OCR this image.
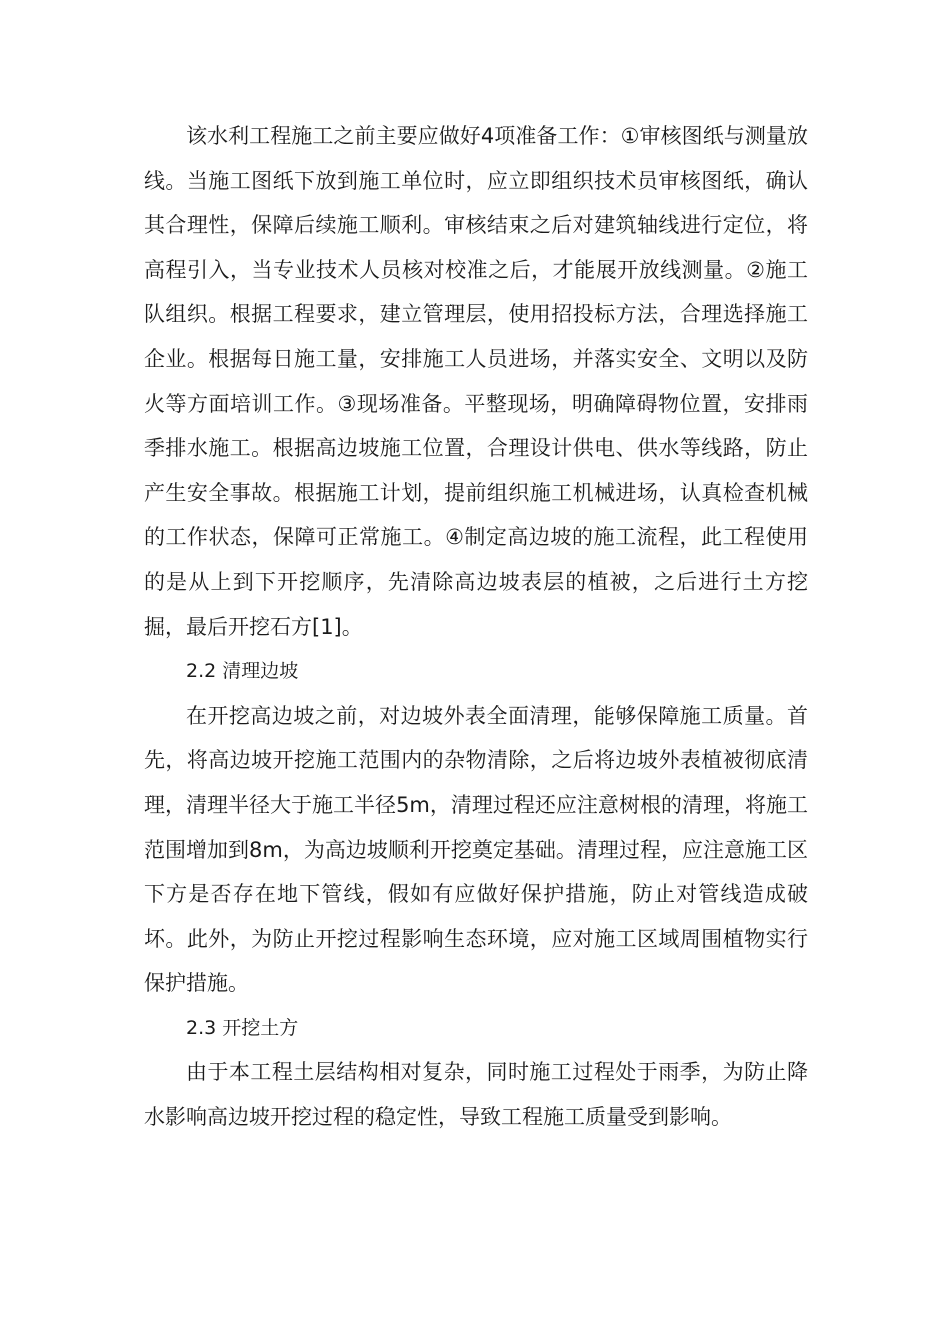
该水利工程施工之前主要应做好4项准备工作：①审核图纸与测量放线。当施工图纸下放到施工单位时，应立即组织技术员审核图纸，确认其合理性，保障后续施工顺利。审核结束之后对建筑轴线进行定位，将高程引入，当专业技术人员核对校准之后，才能展开放线测量。②施工队组织。根据工程要求，建立管理层，使用招投标方法，合理选择施工企业。根据每日施工量，安排施工人员进场，并落实安全、文明以及防火等方面培训工作。③现场准备。平整现场，明确障碍物位置，安排雨季排水施工。根据高边坡施工位置，合理设计供电、供水等线路，防止产生安全事故。根据施工计划，提前组织施工机械进场，认真检查机械的工作状态，保障可正常施工。④制定高边坡的施工流程，此工程使用的是从上到下开挖顺序，先清除高边坡表层的植被，之后进行土方挖掘，最后开挖石方[1]。

2.2 清理边坡

在开挖高边坡之前，对边坡外表全面清理，能够保障施工质量。首先，将高边坡开挖施工范围内的杂物清除，之后将边坡外表植被彻底清理，清理半径大于施工半径5m，清理过程还应注意树根的清理，将施工范围增加到8m，为高边坡顺利开挖奠定基础。清理过程，应注意施工区下方是否存在地下管线，假如有应做好保护措施，防止对管线造成破坏。此外，为防止开挖过程影响生态环境，应对施工区域周围植物实行保护措施。

2.3 开挖土方

由于本工程土层结构相对复杂，同时施工过程处于雨季，为防止降水影响高边坡开挖过程的稳定性，导致工程施工质量受到影响。
